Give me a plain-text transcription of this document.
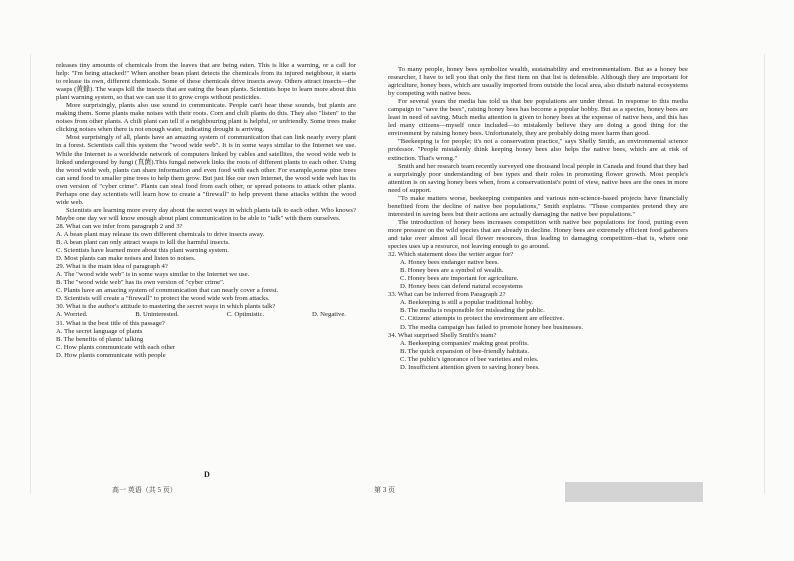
releases tiny amounts of chemicals from the leaves that are being eaten. This is like a warning, or a call for help: "I'm being attacked!" When another bean plant detects the chemicals from its injured neighbour, it starts to release its own, different chemicals. Some of these chemicals drive insects away. Others attract insects—the wasps (黄蜂). The wasps kill the insects that are eating the bean plants. Scientists hope to learn more about this plant warning system, so that we can use it to grow crops without pesticides.

More surprisingly, plants also use sound to communicate. People can't hear these sounds, but plants are making them. Some plants make noises with their roots. Corn and chili plants do this. They also "listen" to the noises from other plants. A chili plant can tell if a neighbouring plant is helpful, or unfriendly. Some trees make clicking noises when there is not enough water, indicating drought is arriving.

Most surprisingly of all, plants have an amazing system of communication that can link nearly every plant in a forest. Scientists call this system the "wood wide web". It is in some ways similar to the Internet we use. While the Internet is a worldwide network of computers linked by cables and satellites, the wood wide web is linked underground by fungi (真菌).This fungal network links the roots of different plants to each other. Using the wood wide web, plants can share information and even food with each other. For example,some pine trees can send food to smaller pine trees to help them grow. But just like our own Internet, the wood wide web has its own version of "cyber crime". Plants can steal food from each other, or spread poisons to attack other plants. Perhaps one day scientists will learn how to create a "firewall" to help prevent these attacks within the wood wide web.

Scientists are learning more every day about the secret ways in which plants talk to each other. Who knows? Maybe one day we will know enough about plant communication to be able to "talk" with them ourselves.

28. What can we infer from paragraph 2 and 3?

A. A bean plant may release its own different chemicals to drive insects away.

B. A bean plant can only attract wasps to kill the harmful insects.

C. Scientists have learned more about this plant warning system.

D. Most plants can make noises and listen to noises.

29. What is the main idea of paragraph 4?

A. The "wood wide web" is in some ways similar to the Internet we use.

B. The "wood wide web" has its own version of "cyber crime".

C. Plants have an amazing system of communication that can nearly cover a forest.

D. Scientists will create a "firewall" to protect the wood wide web from attacks.

30. What is the author's attitude to mastering the secret ways in which plants talk?

A. Worried.	B. Uninterested.	C. Optimistic.	D. Negative.

31. What is the best title of this passage?

A. The secret language of plants

B. The benefits of plants' talking

C. How plants communicate with each other

D. How plants communicate with people

D

To many people, honey bees symbolize wealth, sustainability and environmentalism. But as a honey bee researcher, I have to tell you that only the first item on that list is defensible. Although they are important for agriculture, honey bees, which are usually imported from outside the local area, also disturb natural ecosystems by competing with native bees.

For several years the media has told us that bee populations are under threat. In response to this media campaign to "save the bees", raising honey bees has become a popular hobby. But as a species, honey bees are least in need of saving. Much media attention is given to honey bees at the expense of native bees, and this has led many citizens—myself once included—to mistakenly believe they are doing a good thing for the environment by raising honey bees. Unfortunately, they are probably doing more harm than good.

"Beekeeping is for people; it's not a conservation practice," says Shelly Smith, an environmental science professor. "People mistakenly think keeping honey bees also helps the native bees, which are at risk of extinction. That's wrong."

Smith and her research team recently surveyed one thousand local people in Canada and found that they had a surprisingly poor understanding of bee types and their roles in promoting flower growth. Most people's attention is on saving honey bees when, from a conservationist's point of view, native bees are the ones in more need of support.

"To make matters worse, beekeeping companies and various non-science-based projects have financially benefited from the decline of native bee populations," Smith explains. "These companies pretend they are interested in saving bees but their actions are actually damaging the native bee populations."

The introduction of honey bees increases competition with native bee populations for food, putting even more pressure on the wild species that are already in decline. Honey bees are extremely efficient food gatherers and take over almost all local flower resources, thus leading to damaging competition--that is, where one species uses up a resource, not leaving enough to go around.

32. Which statement does the writer argue for?

A. Honey bees endanger native bees.

B. Honey bees are a symbol of wealth.

C. Honey bees are important for agriculture.

D. Honey bees can defend natural ecosystems

33. What can be inferred from Paragraph 2?

A. Beekeeping is still a popular traditional hobby.

B. The media is responsible for misleading the public.

C. Citizens' attempts to protect the environment are effective.

D. The media campaign has failed to promote honey bee businesses.

34. What surprised Shelly Smith's team?

A. Beekeeping companies' making great profits.

B. The quick expansion of bee-friendly habitats.

C. The public's ignorance of bee varieties and roles.

D. Insufficient attention given to saving honey bees.

高一 英语（共 5 页）	第 3 页
